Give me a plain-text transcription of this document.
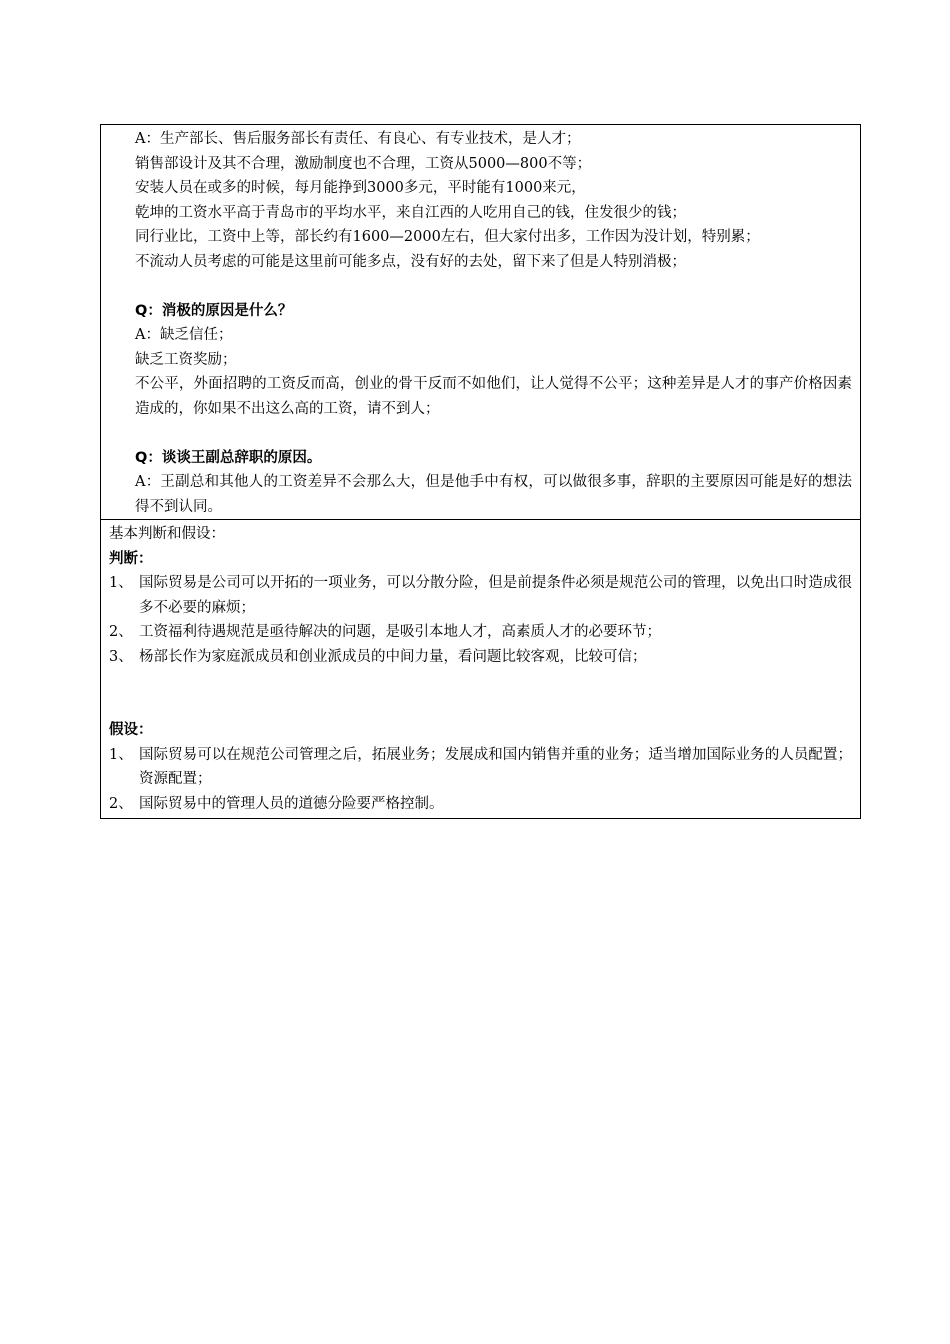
A：生产部长、售后服务部长有责任、有良心、有专业技术，是人才；
销售部设计及其不合理，激励制度也不合理，工资从5000—800不等；
安装人员在或多的时候，每月能挣到3000多元，平时能有1000来元，
乾坤的工资水平高于青岛市的平均水平，来自江西的人吃用自己的钱，住发很少的钱；
同行业比，工资中上等，部长约有1600—2000左右，但大家付出多，工作因为没计划，特别累；
不流动人员考虑的可能是这里前可能多点，没有好的去处，留下来了但是人特别消极；
Q：消极的原因是什么？
A：缺乏信任；
缺乏工资奖励；
不公平，外面招聘的工资反而高，创业的骨干反而不如他们，让人觉得不公平；这种差异是人才的事产价格因素造成的，你如果不出这么高的工资，请不到人；
Q：谈谈王副总辞职的原因。
A：王副总和其他人的工资差异不会那么大，但是他手中有权，可以做很多事，辞职的主要原因可能是好的想法得不到认同。
基本判断和假设：
判断：
1、 国际贸易是公司可以开拓的一项业务，可以分散分险，但是前提条件必须是规范公司的管理，以免出口时造成很多不必要的麻烦；
2、 工资福利待遇规范是亟待解决的问题，是吸引本地人才，高素质人才的必要环节；
3、 杨部长作为家庭派成员和创业派成员的中间力量，看问题比较客观，比较可信；
假设：
1、 国际贸易可以在规范公司管理之后，拓展业务；发展成和国内销售并重的业务；适当增加国际业务的人员配置；资源配置；
2、 国际贸易中的管理人员的道德分险要严格控制。
